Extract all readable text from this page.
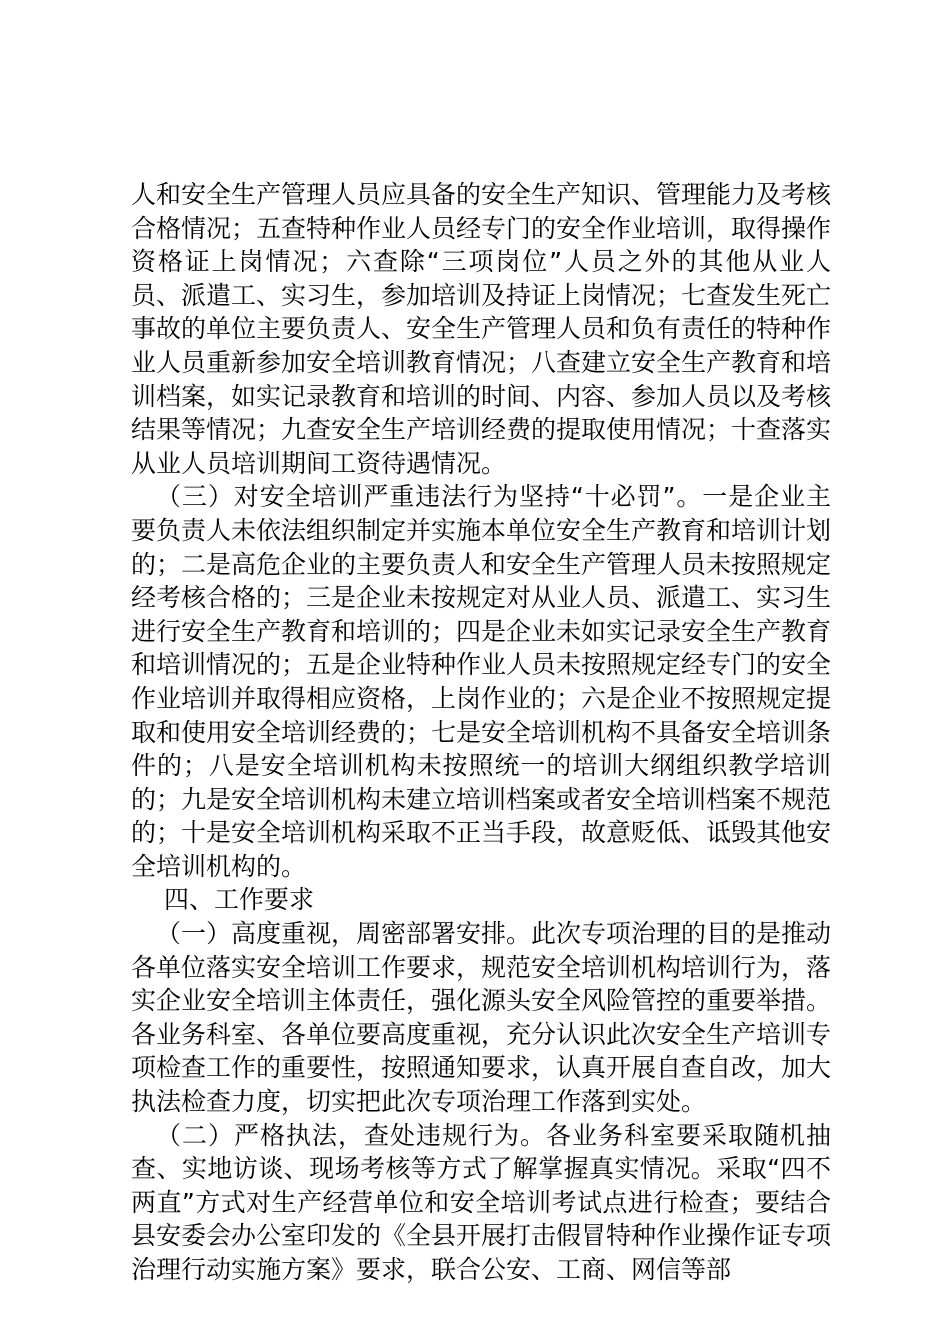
人和安全生产管理人员应具备的安全生产知识、管理能力及考核合格情况；五查特种作业人员经专门的安全作业培训，取得操作资格证上岗情况；六查除“三项岗位”人员之外的其他从业人员、派遣工、实习生，参加培训及持证上岗情况；七查发生死亡事故的单位主要负责人、安全生产管理人员和负有责任的特种作业人员重新参加安全培训教育情况；八查建立安全生产教育和培训档案，如实记录教育和培训的时间、内容、参加人员以及考核结果等情况；九查安全生产培训经费的提取使用情况；十查落实从业人员培训期间工资待遇情况。

（三）对安全培训严重违法行为坚持“十必罚”。一是企业主要负责人未依法组织制定并实施本单位安全生产教育和培训计划的；二是高危企业的主要负责人和安全生产管理人员未按照规定经考核合格的；三是企业未按规定对从业人员、派遣工、实习生进行安全生产教育和培训的；四是企业未如实记录安全生产教育和培训情况的；五是企业特种作业人员未按照规定经专门的安全作业培训并取得相应资格，上岗作业的；六是企业不按照规定提取和使用安全培训经费的；七是安全培训机构不具备安全培训条件的；八是安全培训机构未按照统一的培训大纲组织教学培训的；九是安全培训机构未建立培训档案或者安全培训档案不规范的；十是安全培训机构采取不正当手段，故意贬低、诋毁其他安全培训机构的。

四、工作要求

（一）高度重视，周密部署安排。此次专项治理的目的是推动各单位落实安全培训工作要求，规范安全培训机构培训行为，落实企业安全培训主体责任，强化源头安全风险管控的重要举措。各业务科室、各单位要高度重视，充分认识此次安全生产培训专项检查工作的重要性，按照通知要求，认真开展自查自改，加大执法检查力度，切实把此次专项治理工作落到实处。

（二）严格执法，查处违规行为。各业务科室要采取随机抽查、实地访谈、现场考核等方式了解掌握真实情况。采取“四不两直”方式对生产经营单位和安全培训考试点进行检查；要结合县安委会办公室印发的《全县开展打击假冒特种作业操作证专项治理行动实施方案》要求，联合公安、工商、网信等部
